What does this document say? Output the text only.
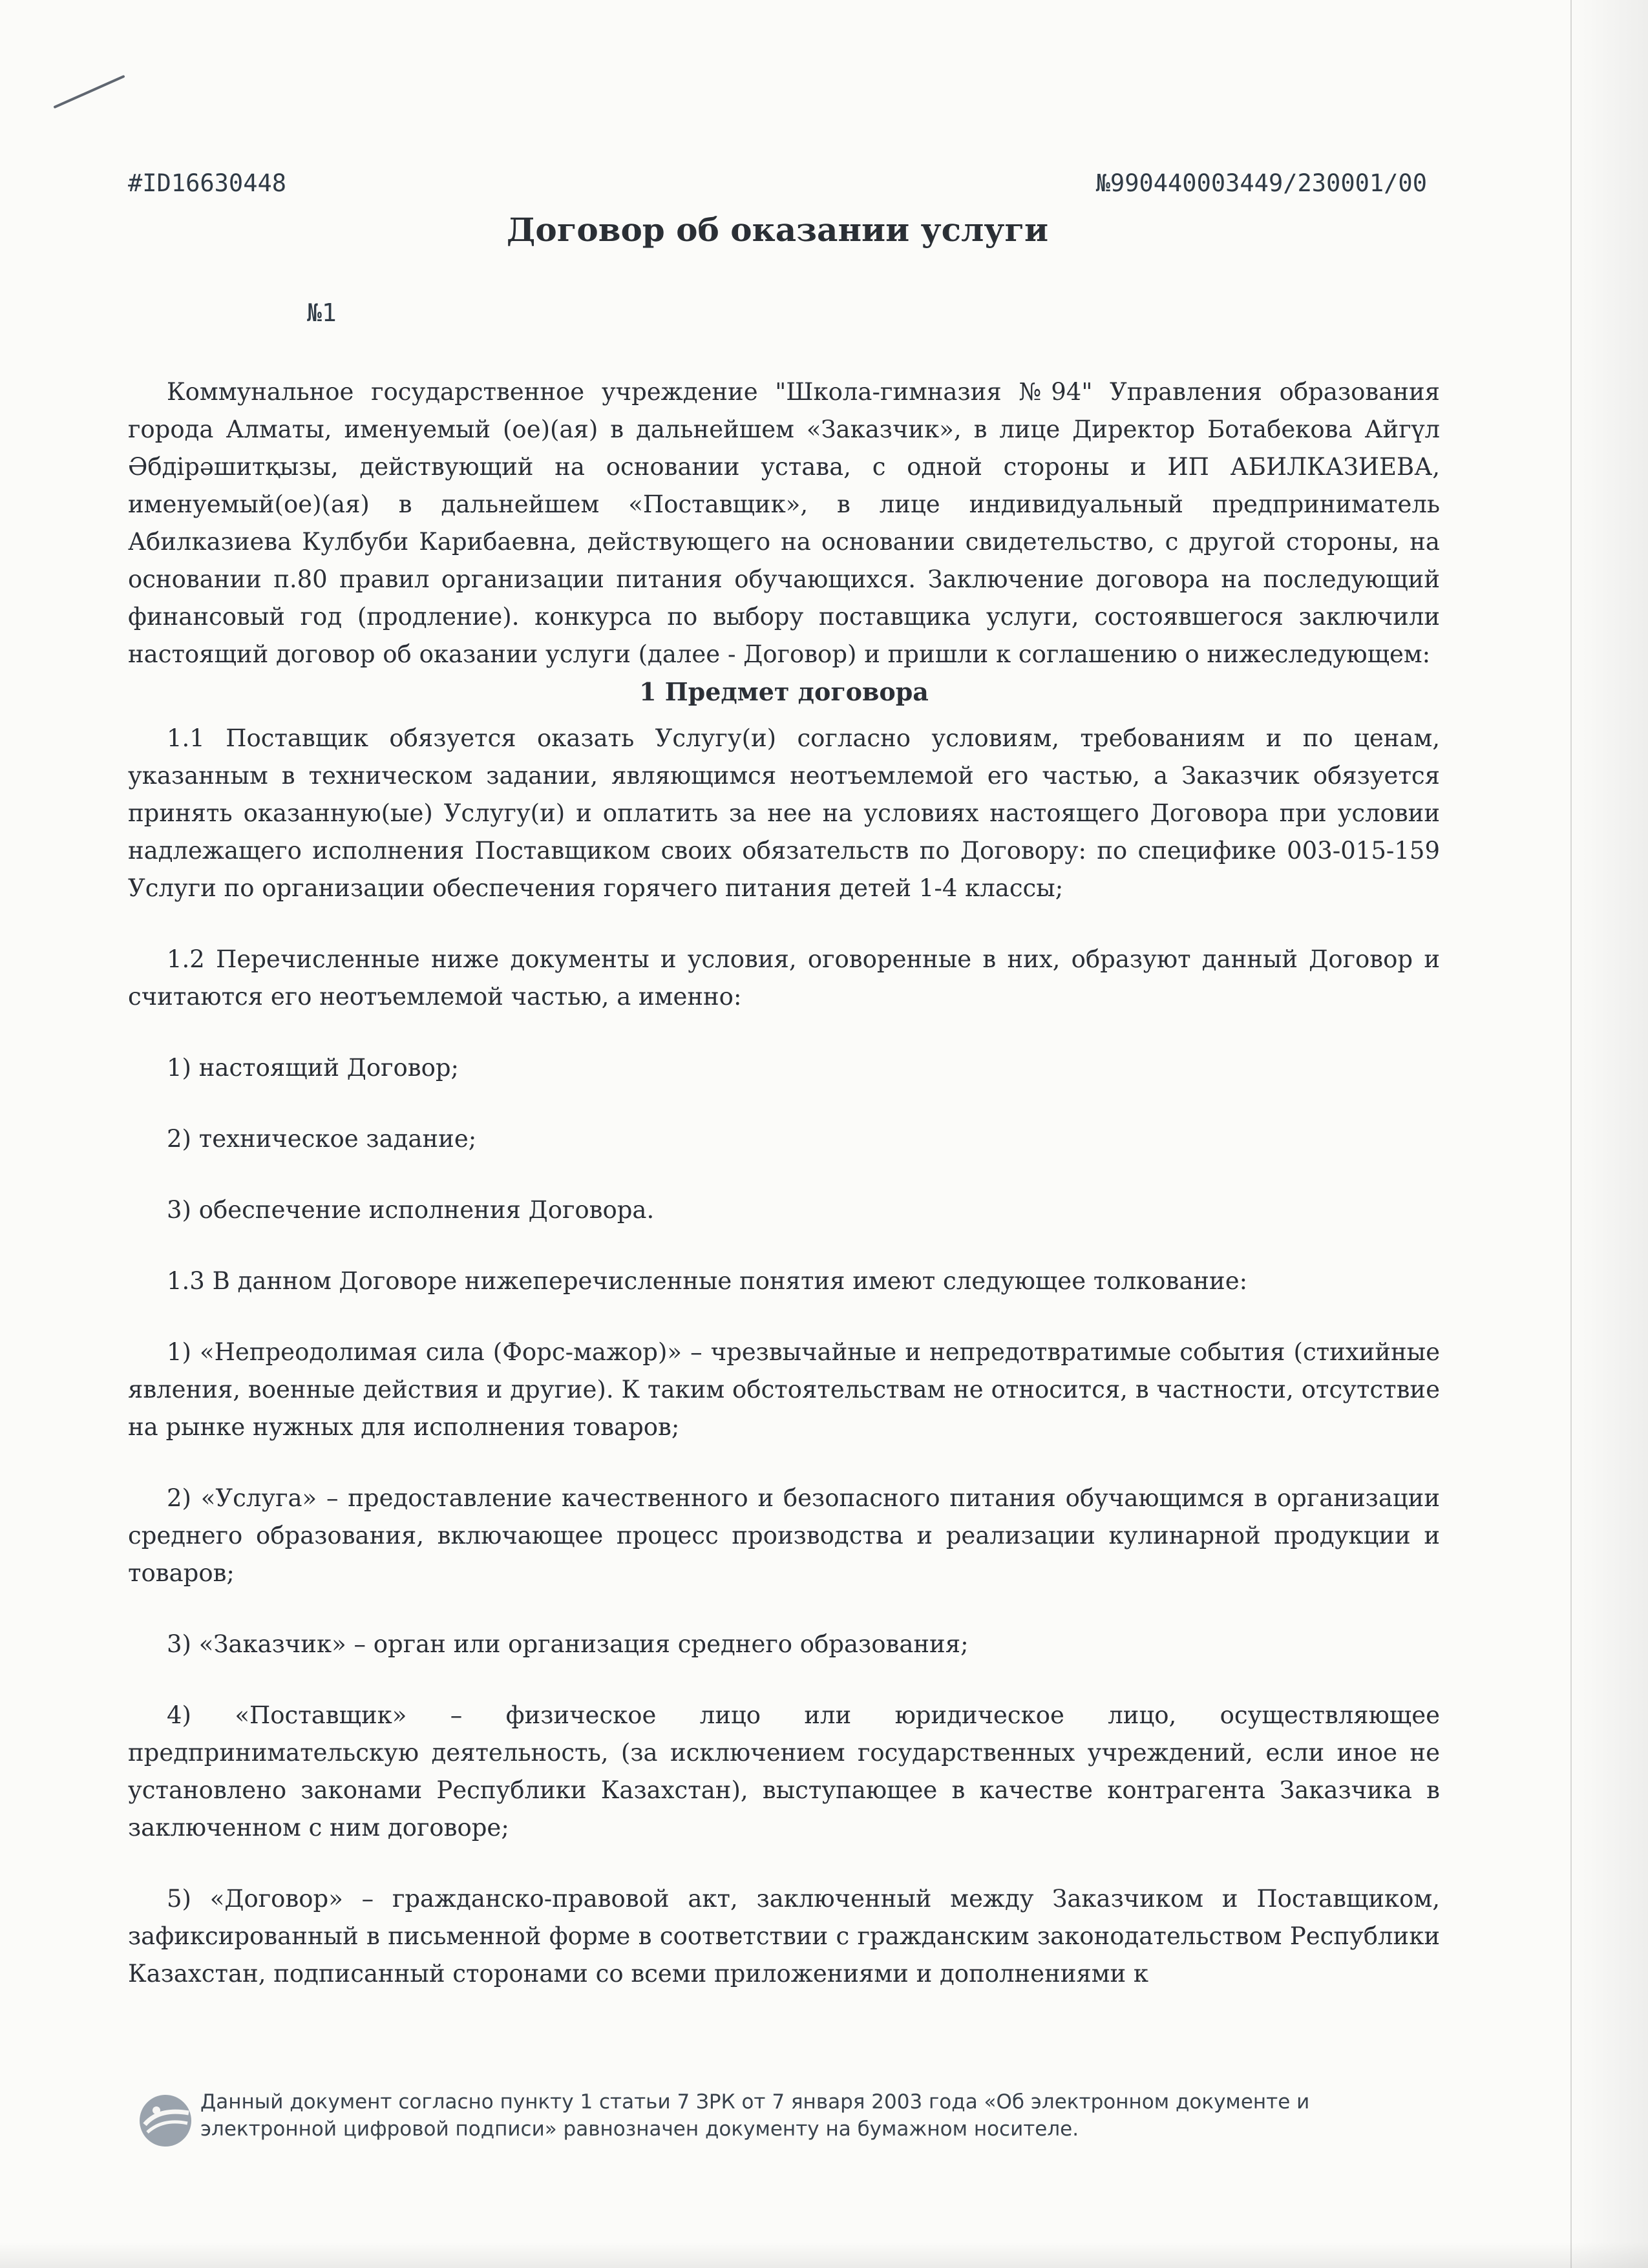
#ID16630448	№990440003449/230001/00
Договор об оказании услуги
№1

Коммунальное государственное учреждение "Школа-гимназия №94" Управления образования города Алматы, именуемый (ое)(ая) в дальнейшем «Заказчик», в лице Директор Ботабекова Айгүл Әбдірәшитқызы, действующий на основании устава, с одной стороны и ИП АБИЛКАЗИЕВА, именуемый(ое)(ая) в дальнейшем «Поставщик», в лице индивидуальный предприниматель Абилказиева Кулбуби Карибаевна, действующего на основании свидетельство, с другой стороны, на основании п.80 правил организации питания обучающихся. Заключение договора на последующий финансовый год (продление). конкурса по выбору поставщика услуги, состоявшегося заключили настоящий договор об оказании услуги (далее - Договор) и пришли к соглашению о нижеследующем:

1 Предмет договора

1.1 Поставщик обязуется оказать Услугу(и) согласно условиям, требованиям и по ценам, указанным в техническом задании, являющимся неотъемлемой его частью, а Заказчик обязуется принять оказанную(ые) Услугу(и) и оплатить за нее на условиях настоящего Договора при условии надлежащего исполнения Поставщиком своих обязательств по Договору: по специфике 003-015-159 Услуги по организации обеспечения горячего питания детей 1-4 классы;

1.2 Перечисленные ниже документы и условия, оговоренные в них, образуют данный Договор и считаются его неотъемлемой частью, а именно:

1) настоящий Договор;

2) техническое задание;

3) обеспечение исполнения Договора.

1.3 В данном Договоре нижеперечисленные понятия имеют следующее толкование:

1) «Непреодолимая сила (Форс-мажор)» – чрезвычайные и непредотвратимые события (стихийные явления, военные действия и другие). К таким обстоятельствам не относится, в частности, отсутствие на рынке нужных для исполнения товаров;

2) «Услуга» – предоставление качественного и безопасного питания обучающимся в организации среднего образования, включающее процесс производства и реализации кулинарной продукции и товаров;

3) «Заказчик» – орган или организация среднего образования;

4) «Поставщик» – физическое лицо или юридическое лицо, осуществляющее предпринимательскую деятельность, (за исключением государственных учреждений, если иное не установлено законами Республики Казахстан), выступающее в качестве контрагента Заказчика в заключенном с ним договоре;

5) «Договор» – гражданско-правовой акт, заключенный между Заказчиком и Поставщиком, зафиксированный в письменной форме в соответствии с гражданским законодательством Республики Казахстан, подписанный сторонами со всеми приложениями и дополнениями к

Данный документ согласно пункту 1 статьи 7 ЗРК от 7 января 2003 года «Об электронном документе и электронной цифровой подписи» равнозначен документу на бумажном носителе.
